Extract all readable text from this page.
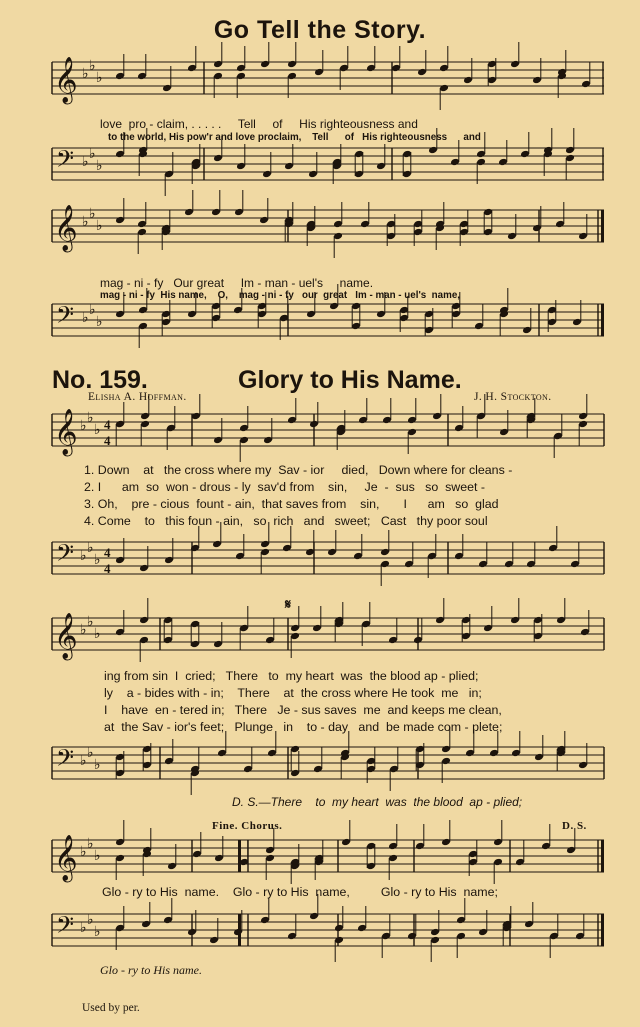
Go Tell the Story.
𝄞 ♭
♭
♭
love  pro - claim, . . . . .     Tell     of     His righteousness and
to the world, His pow'r and love proclaim,    Tell      of   His righteousness      and
𝄢 ♭
♭
♭
𝄞 ♭
♭
♭
mag - ni - fy   Our great     Im - man - uel's     name.
mag - ni - fy  His name,    O,    mag - ni - fy   our  great   Im - man - uel's  name,
𝄢 ♭
♭
♭
No. 159.	Glory to His Name.
Elisha A. Hoffman.	J. H. Stockton.
𝄞 ♭
♭
♭ 4
4
1. Down    at   the cross where my  Sav - ior     died,   Down where for cleans -
2. I      am  so  won - drous - ly  sav'd from    sin,     Je  -  sus   so  sweet -
3. Oh,    pre - cious  fount - ain,  that saves from    sin,       I      am   so  glad
4. Come    to   this foun - ain,   so  rich   and   sweet;   Cast   thy poor soul
𝄢 ♭
♭
♭
4
4
𝄋
𝄞 ♭
♭
♭
ing from sin  I  cried;   There   to  my heart  was  the blood ap - plied;
ly    a - bides with - in;    There    at  the cross where He took  me   in;
I    have  en - tered in;   There   Je - sus saves  me  and keeps me clean,
at  the Sav - ior's feet;   Plunge   in    to - day   and  be made com - plete;
𝄢 ♭
♭
♭
D. S.—There    to  my heart  was  the blood  ap - plied;
Fine. Chorus.	D. S.
𝄞 ♭
♭
♭
Glo - ry to His  name.    Glo - ry to His  name,         Glo - ry to His  name;
𝄢 ♭
♭
♭
Glo - ry to His name.
Used by per.
